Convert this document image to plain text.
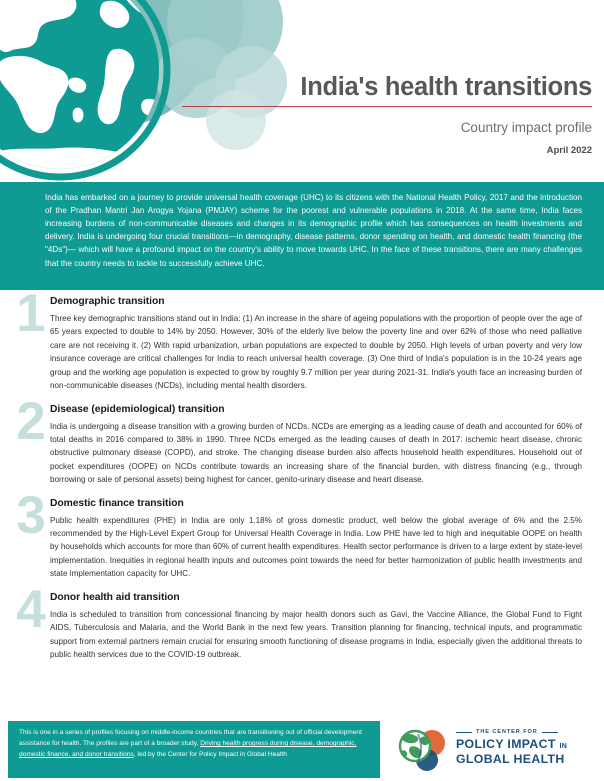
India's health transitions
Country impact profile
April 2022
India has embarked on a journey to provide universal health coverage (UHC) to its citizens with the National Health Policy, 2017 and the introduction of the Pradhan Mantri Jan Arogya Yojana (PMJAY) scheme for the poorest and vulnerable populations in 2018. At the same time, India faces increasing burdens of non-communicable diseases and changes in its demographic profile which has consequences on health investments and delivery. India is undergoing four crucial transitions—in demography, disease patterns, donor spending on health, and domestic health financing (the "4Ds")— which will have a profound impact on the country's ability to move towards UHC. In the face of these transitions, there are many challenges that the country needs to tackle to successfully achieve UHC.
1 Demographic transition
Three key demographic transitions stand out in India: (1) An increase in the share of ageing populations with the proportion of people over the age of 65 years expected to double to 14% by 2050. However, 30% of the elderly live below the poverty line and over 62% of those who need palliative care are not receiving it. (2) With rapid urbanization, urban populations are expected to double by 2050. High levels of urban poverty and very low insurance coverage are critical challenges for India to reach universal health coverage. (3) One third of India's population is in the 10-24 years age group and the working age population is expected to grow by roughly 9.7 million per year during 2021-31. India's youth face an increasing burden of non-communicable diseases (NCDs), including mental health disorders.
2 Disease (epidemiological) transition
India is undergoing a disease transition with a growing burden of NCDs. NCDs are emerging as a leading cause of death and accounted for 60% of total deaths in 2016 compared to 38% in 1990. Three NCDs emerged as the leading causes of death in 2017: ischemic heart disease, chronic obstructive pulmonary disease (COPD), and stroke. The changing disease burden also affects household health expenditures. Household out of pocket expenditures (OOPE) on NCDs contribute towards an increasing share of the financial burden, with distress financing (e.g., through borrowing or sale of personal assets) being highest for cancer, genito-urinary disease and heart disease.
3 Domestic finance transition
Public health expenditures (PHE) in India are only 1.18% of gross domestic product, well below the global average of 6% and the 2.5% recommended by the High-Level Expert Group for Universal Health Coverage in India. Low PHE have led to high and inequitable OOPE on health by households which accounts for more than 60% of current health expenditures. Health sector performance is driven to a large extent by state-level implementation. Inequities in regional health inputs and outcomes point towards the need for better harmonization of public health investments and state implementation capacity for UHC.
4 Donor health aid transition
India is scheduled to transition from concessional financing by major health donors such as Gavi, the Vaccine Alliance, the Global Fund to Fight AIDS, Tuberculosis and Malaria, and the World Bank in the next few years. Transition planning for financing, technical inputs, and programmatic support from external partners remain crucial for ensuring smooth functioning of disease programs in India, especially given the additional threats to public health services due to the COVID-19 outbreak.
This is one in a series of profiles focusing on middle-income countries that are transitioning out of official development assistance for health. The profiles are part of a broader study, Driving health progress during disease, demographic, domestic finance, and donor transitions, led by the Center for Policy Impact in Global Health
THE CENTER FOR
POLICY IMPACT IN
GLOBAL HEALTH
